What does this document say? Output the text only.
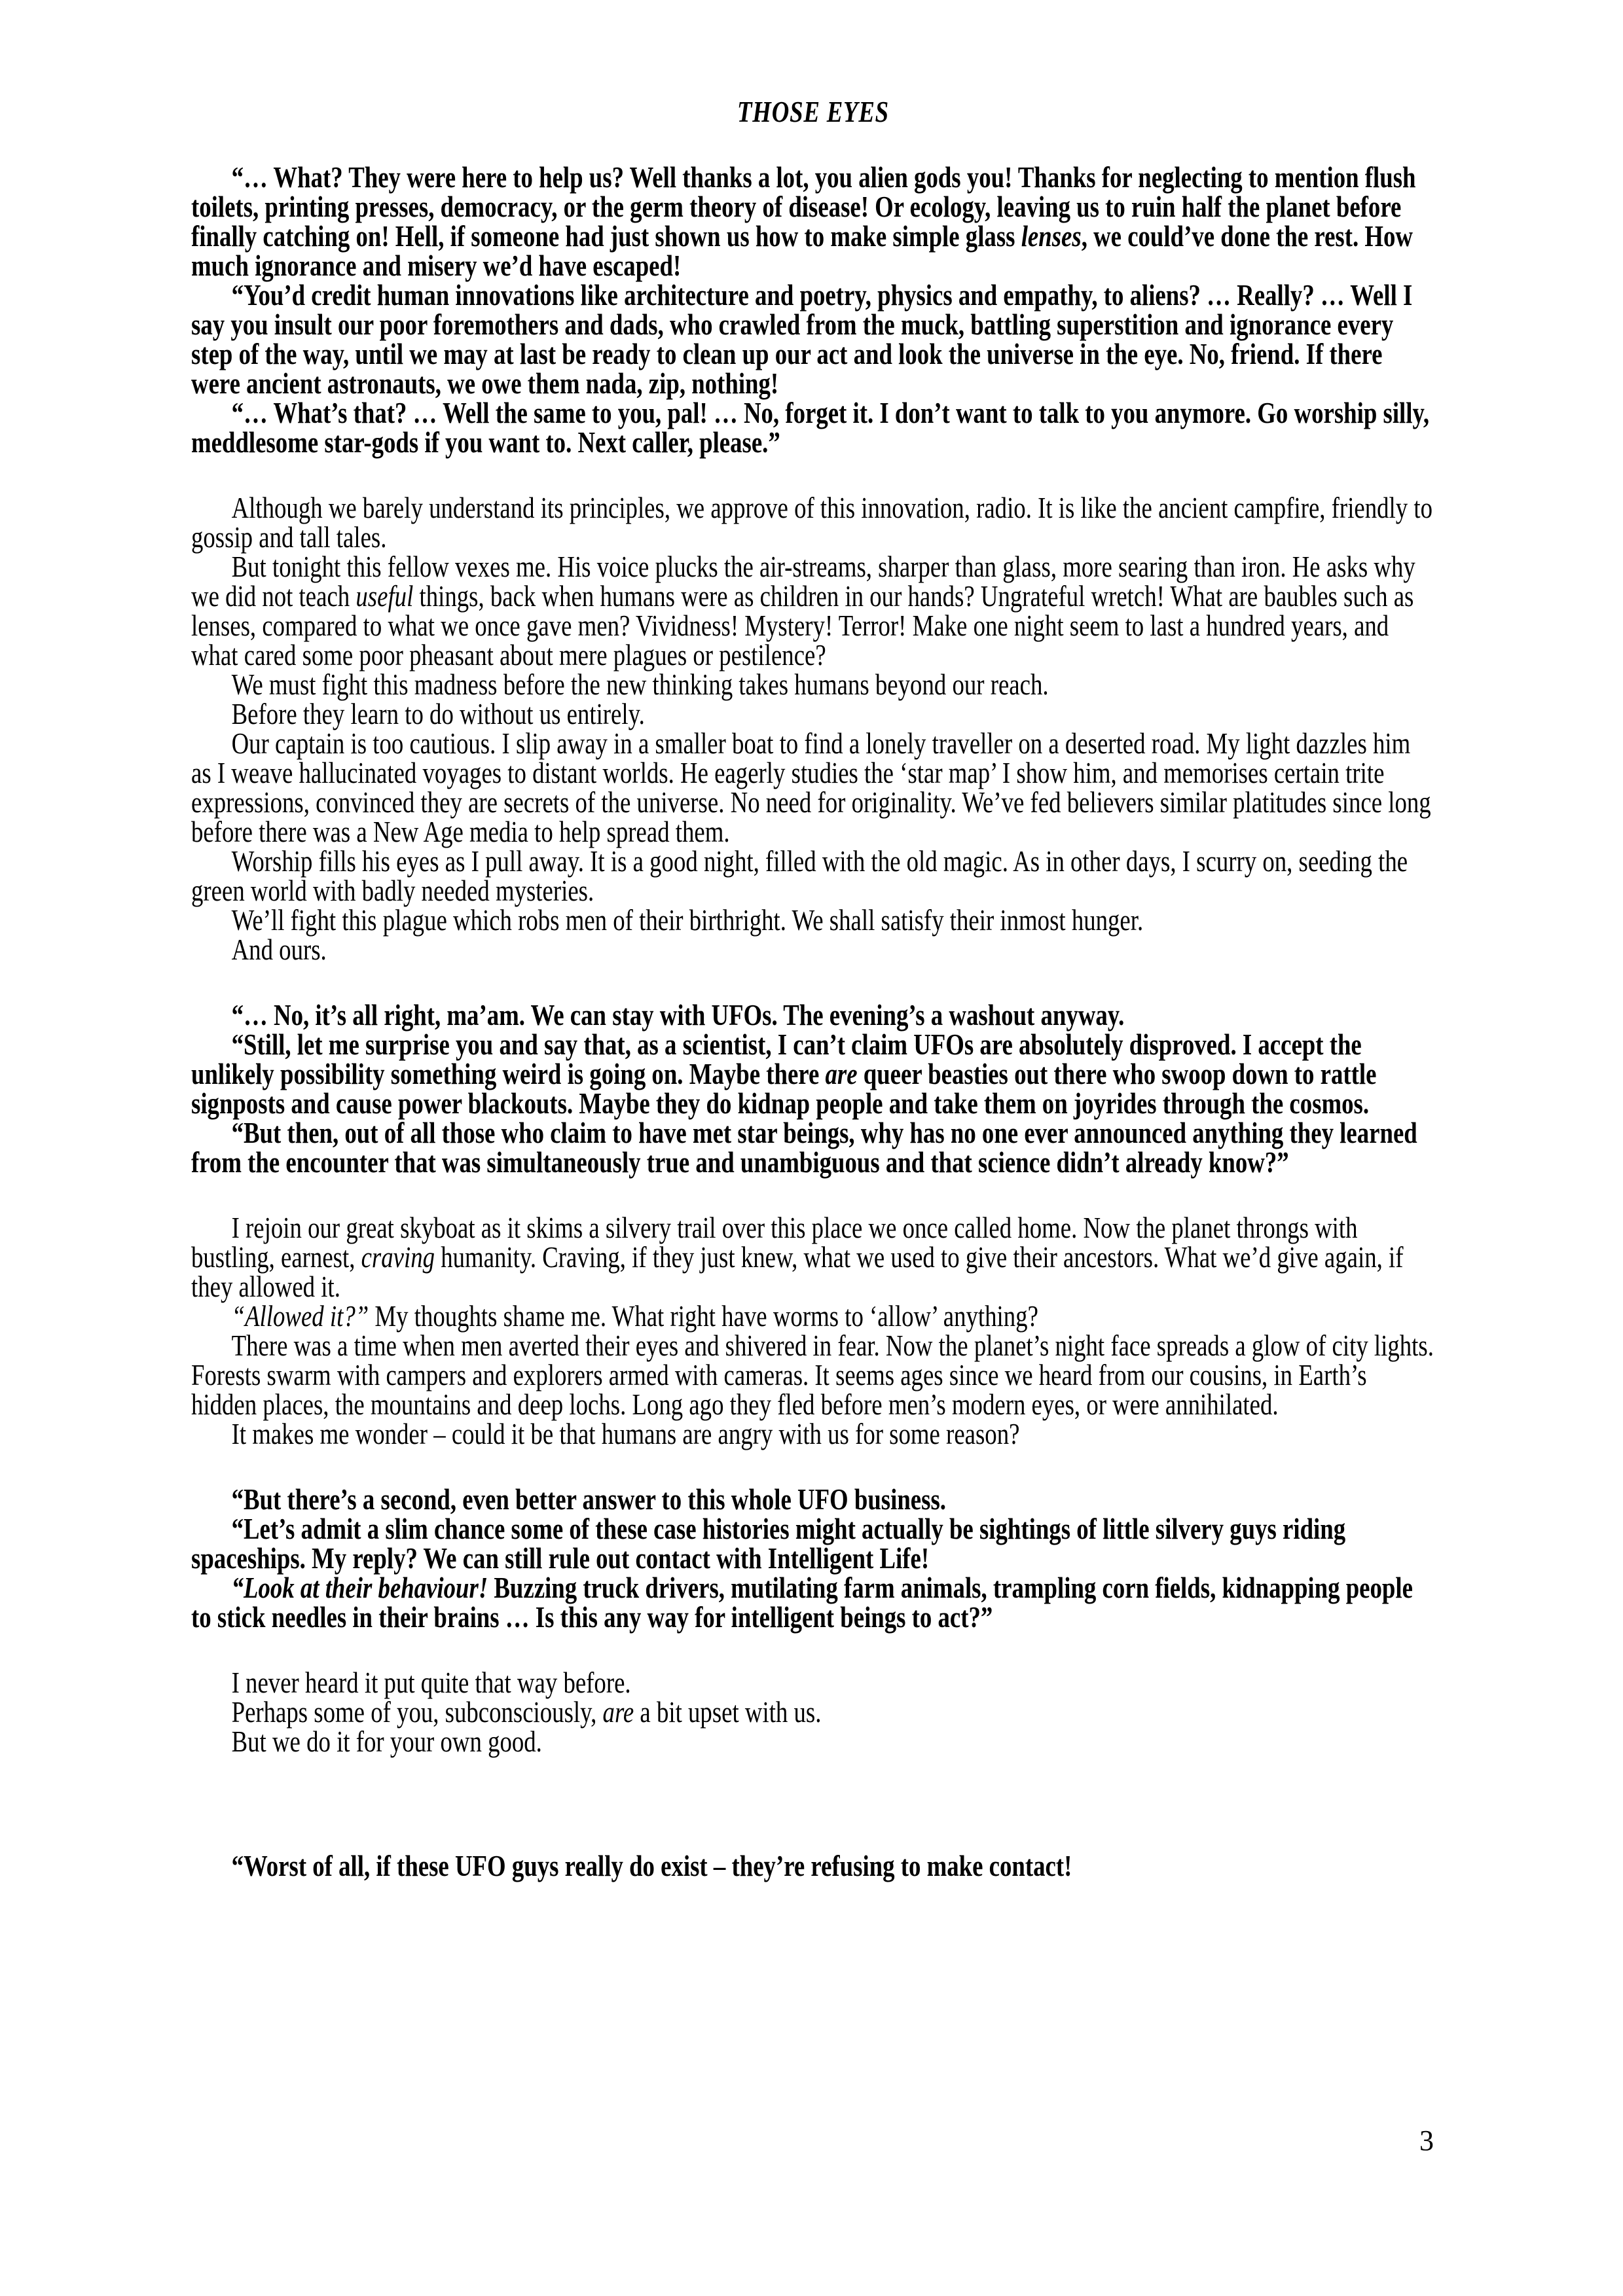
THOSE EYES

“… What? They were here to help us? Well thanks a lot, you alien gods you! Thanks for neglecting to mention flush toilets, printing presses, democracy, or the germ theory of disease! Or ecology, leaving us to ruin half the planet before finally catching on! Hell, if someone had just shown us how to make simple glass lenses, we could’ve done the rest. How much ignorance and misery we’d have escaped!

“You’d credit human innovations like architecture and poetry, physics and empathy, to aliens? … Really? … Well I say you insult our poor foremothers and dads, who crawled from the muck, battling superstition and ignorance every step of the way, until we may at last be ready to clean up our act and look the universe in the eye. No, friend. If there were ancient astronauts, we owe them nada, zip, nothing!

“… What’s that? … Well the same to you, pal! … No, forget it. I don’t want to talk to you anymore. Go worship silly, meddlesome star-gods if you want to. Next caller, please.”

Although we barely understand its principles, we approve of this innovation, radio. It is like the ancient campfire, friendly to gossip and tall tales.

But tonight this fellow vexes me. His voice plucks the air-streams, sharper than glass, more searing than iron. He asks why we did not teach useful things, back when humans were as children in our hands? Ungrateful wretch! What are baubles such as lenses, compared to what we once gave men? Vividness! Mystery! Terror! Make one night seem to last a hundred years, and what cared some poor pheasant about mere plagues or pestilence?

We must fight this madness before the new thinking takes humans beyond our reach.

Before they learn to do without us entirely.

Our captain is too cautious. I slip away in a smaller boat to find a lonely traveller on a deserted road. My light dazzles him as I weave hallucinated voyages to distant worlds. He eagerly studies the ‘star map’ I show him, and memorises certain trite expressions, convinced they are secrets of the universe. No need for originality. We’ve fed believers similar platitudes since long before there was a New Age media to help spread them.

Worship fills his eyes as I pull away. It is a good night, filled with the old magic. As in other days, I scurry on, seeding the green world with badly needed mysteries.

We’ll fight this plague which robs men of their birthright. We shall satisfy their inmost hunger.

And ours.

“… No, it’s all right, ma’am. We can stay with UFOs. The evening’s a washout anyway.

“Still, let me surprise you and say that, as a scientist, I can’t claim UFOs are absolutely disproved. I accept the unlikely possibility something weird is going on. Maybe there are queer beasties out there who swoop down to rattle signposts and cause power blackouts. Maybe they do kidnap people and take them on joyrides through the cosmos.

“But then, out of all those who claim to have met star beings, why has no one ever announced anything they learned from the encounter that was simultaneously true and unambiguous and that science didn’t already know?”

I rejoin our great skyboat as it skims a silvery trail over this place we once called home. Now the planet throngs with bustling, earnest, craving humanity. Craving, if they just knew, what we used to give their ancestors. What we’d give again, if they allowed it.

“Allowed it?” My thoughts shame me. What right have worms to ‘allow’ anything?

There was a time when men averted their eyes and shivered in fear. Now the planet’s night face spreads a glow of city lights. Forests swarm with campers and explorers armed with cameras. It seems ages since we heard from our cousins, in Earth’s hidden places, the mountains and deep lochs. Long ago they fled before men’s modern eyes, or were annihilated.

It makes me wonder – could it be that humans are angry with us for some reason?

“But there’s a second, even better answer to this whole UFO business.

“Let’s admit a slim chance some of these case histories might actually be sightings of little silvery guys riding spaceships. My reply? We can still rule out contact with Intelligent Life!

“Look at their behaviour! Buzzing truck drivers, mutilating farm animals, trampling corn fields, kidnapping people to stick needles in their brains … Is this any way for intelligent beings to act?”

I never heard it put quite that way before.

Perhaps some of you, subconsciously, are a bit upset with us.

But we do it for your own good.

“Worst of all, if these UFO guys really do exist – they’re refusing to make contact!

3
